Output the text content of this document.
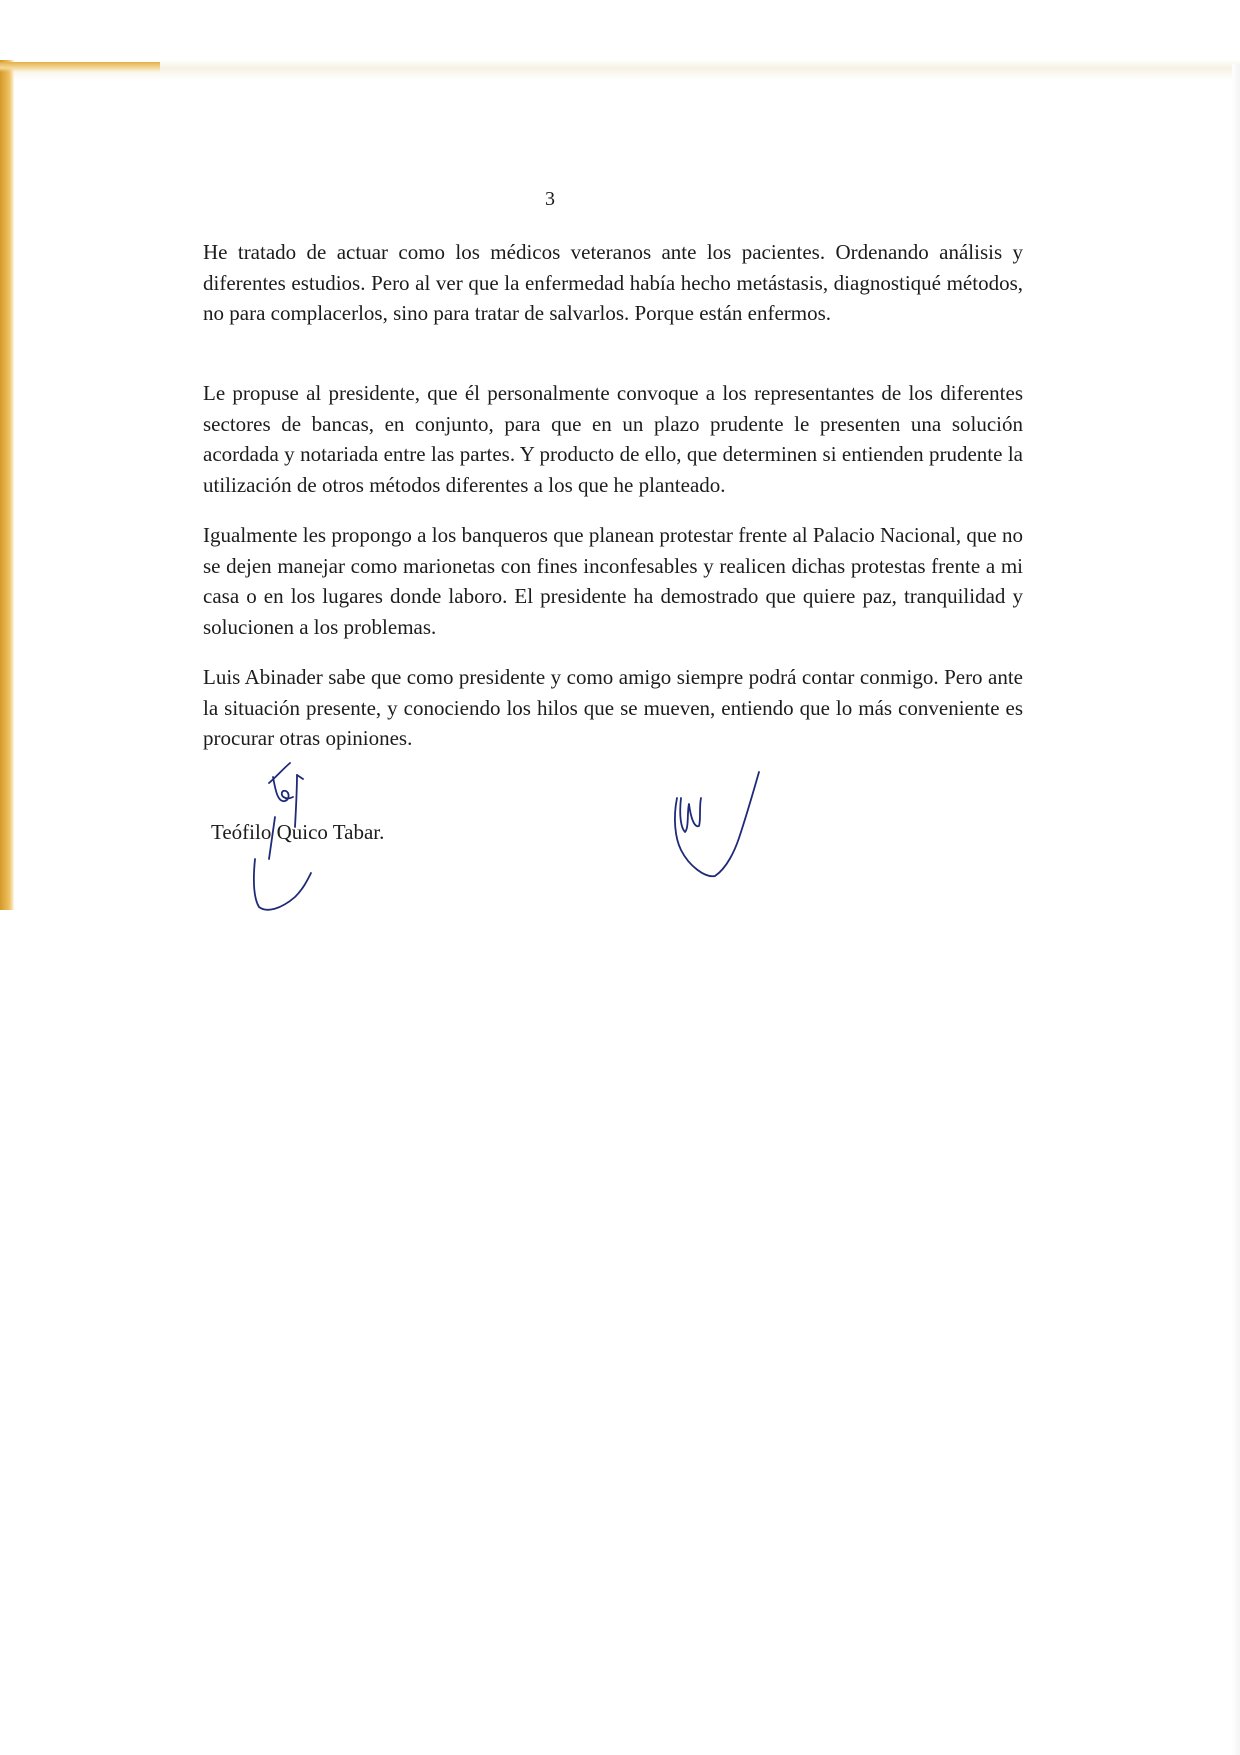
3

He tratado de actuar como los médicos veteranos ante los pacientes. Ordenando análisis y diferentes estudios. Pero al ver que la enfermedad había hecho metástasis, diagnostiqué métodos, no para complacerlos, sino para tratar de salvarlos. Porque están enfermos.

Le propuse al presidente, que él personalmente convoque a los representantes de los diferentes sectores de bancas, en conjunto, para que en un plazo prudente le presenten una solución acordada y notariada entre las partes. Y producto de ello, que determinen si entienden prudente la utilización de otros métodos diferentes a los que he planteado.

Igualmente les propongo a los banqueros que planean protestar frente al Palacio Nacional, que no se dejen manejar como marionetas con fines inconfesables y realicen dichas protestas frente a mi casa o en los lugares donde laboro. El presidente ha demostrado que quiere paz, tranquilidad y solucionen a los problemas.

Luis Abinader sabe que como presidente y como amigo siempre podrá contar conmigo. Pero ante la situación presente, y conociendo los hilos que se mueven, entiendo que lo más conveniente es procurar otras opiniones.

Teófilo Quico Tabar.
